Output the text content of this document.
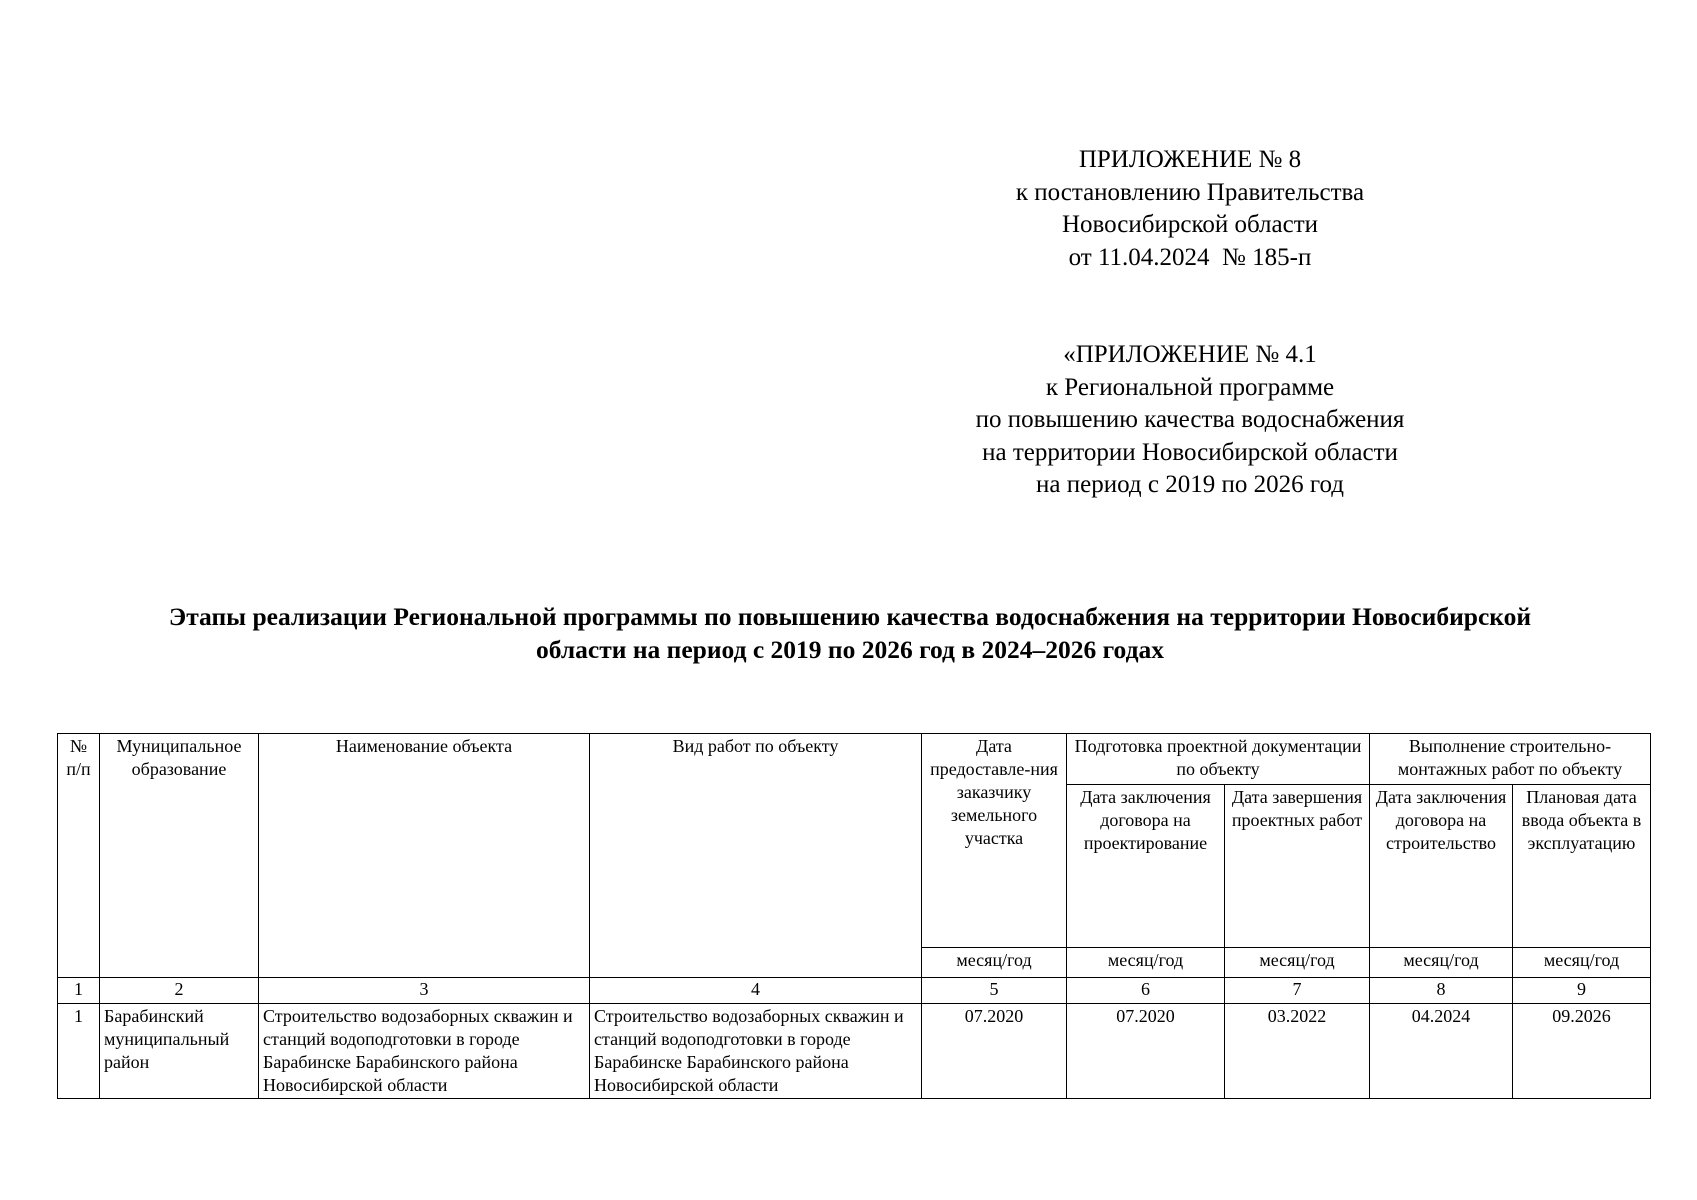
ПРИЛОЖЕНИЕ № 8
к постановлению Правительства
Новосибирской области
от 11.04.2024  № 185-п
«ПРИЛОЖЕНИЕ № 4.1
к Региональной программе
по повышению качества водоснабжения
на территории Новосибирской области
на период с 2019 по 2026 год
Этапы реализации Региональной программы по повышению качества водоснабжения на территории Новосибирской
области на период с 2019 по 2026 год в 2024–2026 годах
№ п/п	Муниципальное образование	Наименование объекта	Вид работ по объекту	Дата предоставле-ния заказчику земельного участка	Подготовка проектной документации по объекту		Выполнение строительно-монтажных работ по объекту	
					Дата заключения договора на проектирование	Дата завершения проектных работ	Дата заключения договора на строительство	Плановая дата ввода объекта в эксплуатацию
				месяц/год	месяц/год	месяц/год	месяц/год	месяц/год
1	2	3	4	5	6	7	8	9
1	Барабинский муниципальный район	Строительство водозаборных скважин и станций водоподготовки в городе Барабинске Барабинского района Новосибирской области	Строительство водозаборных скважин и станций водоподготовки в городе Барабинске Барабинского района Новосибирской области	07.2020	07.2020	03.2022	04.2024	09.2026
